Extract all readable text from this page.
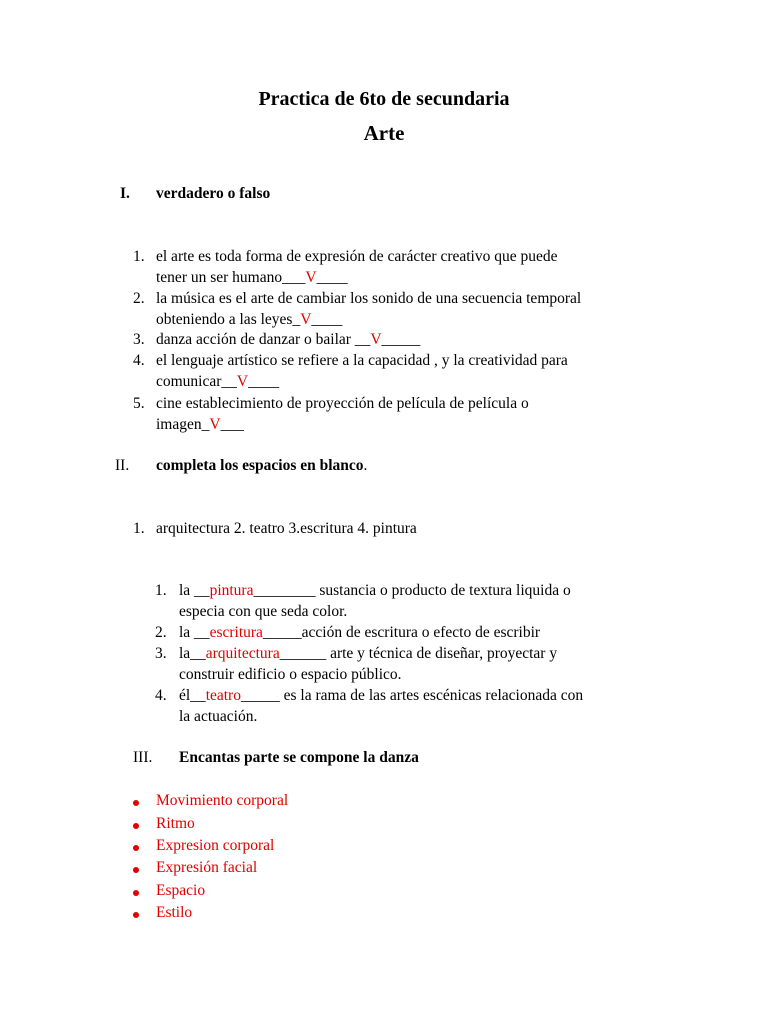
Practica de 6to de secundaria
Arte
I. verdadero o falso
1. el arte es toda forma de expresión de carácter creativo que puede
tener un ser humano___V____
2. la música es el arte de cambiar los sonido de una secuencia temporal
obteniendo a las leyes_V____
3. danza acción de danzar o bailar __V_____
4. el lenguaje artístico se refiere a la capacidad , y la creatividad para
comunicar__V____
5. cine establecimiento de proyección de película de película o
imagen_V___
II. completa los espacios en blanco.
1. arquitectura 2. teatro 3.escritura 4. pintura
1. la __pintura________ sustancia o producto de textura liquida o
especia con que seda color.
2. la __escritura_____acción de escritura o efecto de escribir
3. la__arquitectura______ arte y técnica de diseñar, proyectar y
construir edificio o espacio público.
4. él__teatro_____ es la rama de las artes escénicas relacionada con
la actuación.
III. Encantas parte se compone la danza
Movimiento corporal
Ritmo
Expresion corporal
Expresión facial
Espacio
Estilo
